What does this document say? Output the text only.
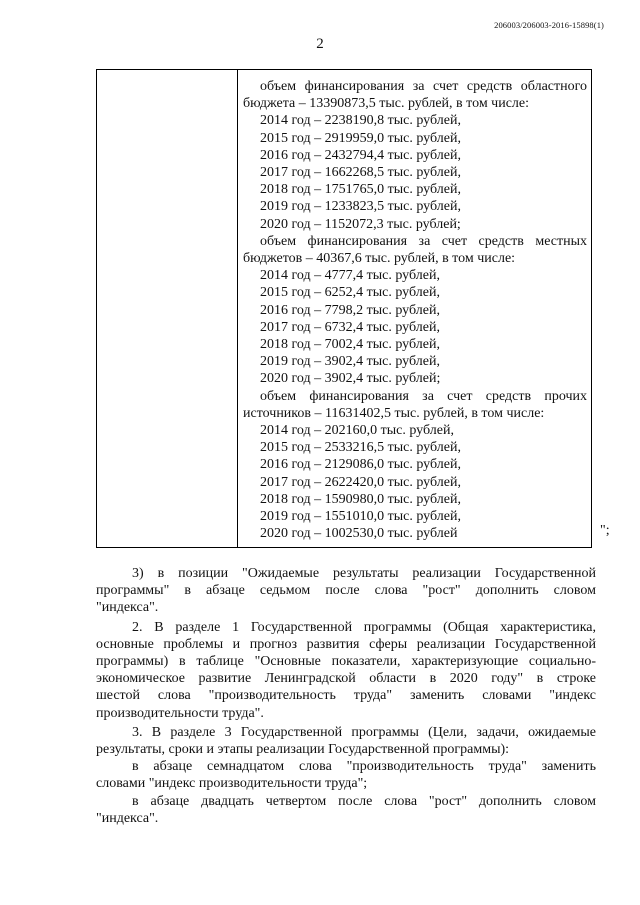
206003/206003-2016-15898(1)
2
объем финансирования за счет средств областного
бюджета – 13390873,5 тыс. рублей, в том числе:
2014 год – 2238190,8 тыс. рублей,
2015 год – 2919959,0 тыс. рублей,
2016 год – 2432794,4 тыс. рублей,
2017 год – 1662268,5 тыс. рублей,
2018 год – 1751765,0 тыс. рублей,
2019 год – 1233823,5 тыс. рублей,
2020 год – 1152072,3 тыс. рублей;
объем финансирования за счет средств местных
бюджетов – 40367,6 тыс. рублей, в том числе:
2014 год – 4777,4 тыс. рублей,
2015 год – 6252,4 тыс. рублей,
2016 год – 7798,2 тыс. рублей,
2017 год – 6732,4 тыс. рублей,
2018 год – 7002,4 тыс. рублей,
2019 год – 3902,4 тыс. рублей,
2020 год – 3902,4 тыс. рублей;
объем финансирования за счет средств прочих
источников – 11631402,5 тыс. рублей, в том числе:
2014 год – 202160,0 тыс. рублей,
2015 год – 2533216,5 тыс. рублей,
2016 год – 2129086,0 тыс. рублей,
2017 год – 2622420,0 тыс. рублей,
2018 год – 1590980,0 тыс. рублей,
2019 год – 1551010,0 тыс. рублей,
2020 год – 1002530,0 тыс. рублей	";
3) в позиции "Ожидаемые результаты реализации Государственной
программы" в абзаце седьмом после слова "рост" дополнить словом
"индекса".
2. В разделе 1 Государственной программы (Общая характеристика,
основные проблемы и прогноз развития сферы реализации Государственной
программы) в таблице "Основные показатели, характеризующие социально-
экономическое развитие Ленинградской области в 2020 году" в строке
шестой слова "производительность труда" заменить словами "индекс
производительности труда".
3. В разделе 3 Государственной программы (Цели, задачи, ожидаемые
результаты, сроки и этапы реализации Государственной программы):
в абзаце семнадцатом слова "производительность труда" заменить
словами "индекс производительности труда";
в абзаце двадцать четвертом после слова "рост" дополнить словом
"индекса".
